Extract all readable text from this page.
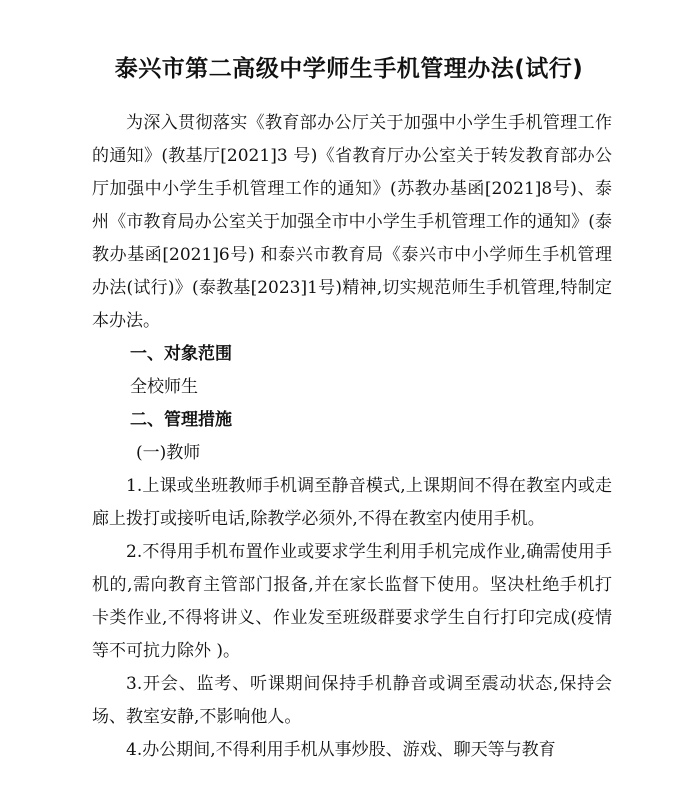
泰兴市第二高级中学师生手机管理办法(试行)

为深入贯彻落实《教育部办公厅关于加强中小学生手机管理工作的通知》(教基厅[2021]3 号)《省教育厅办公室关于转发教育部办公厅加强中小学生手机管理工作的通知》(苏教办基函[2021]8号)、泰州《市教育局办公室关于加强全市中小学生手机管理工作的通知》(泰教办基函[2021]6号) 和泰兴市教育局《泰兴市中小学师生手机管理办法(试行)》(泰教基[2023]1号)精神,切实规范师生手机管理,特制定本办法。

一、对象范围

全校师生

二、管理措施

(一)教师

1.上课或坐班教师手机调至静音模式,上课期间不得在教室内或走廊上拨打或接听电话,除教学必须外,不得在教室内使用手机。

2.不得用手机布置作业或要求学生利用手机完成作业,确需使用手机的,需向教育主管部门报备,并在家长监督下使用。坚决杜绝手机打卡类作业,不得将讲义、作业发至班级群要求学生自行打印完成(疫情等不可抗力除外 )。

3.开会、监考、听课期间保持手机静音或调至震动状态,保持会场、教室安静,不影响他人。

4.办公期间,不得利用手机从事炒股、游戏、聊天等与教育
